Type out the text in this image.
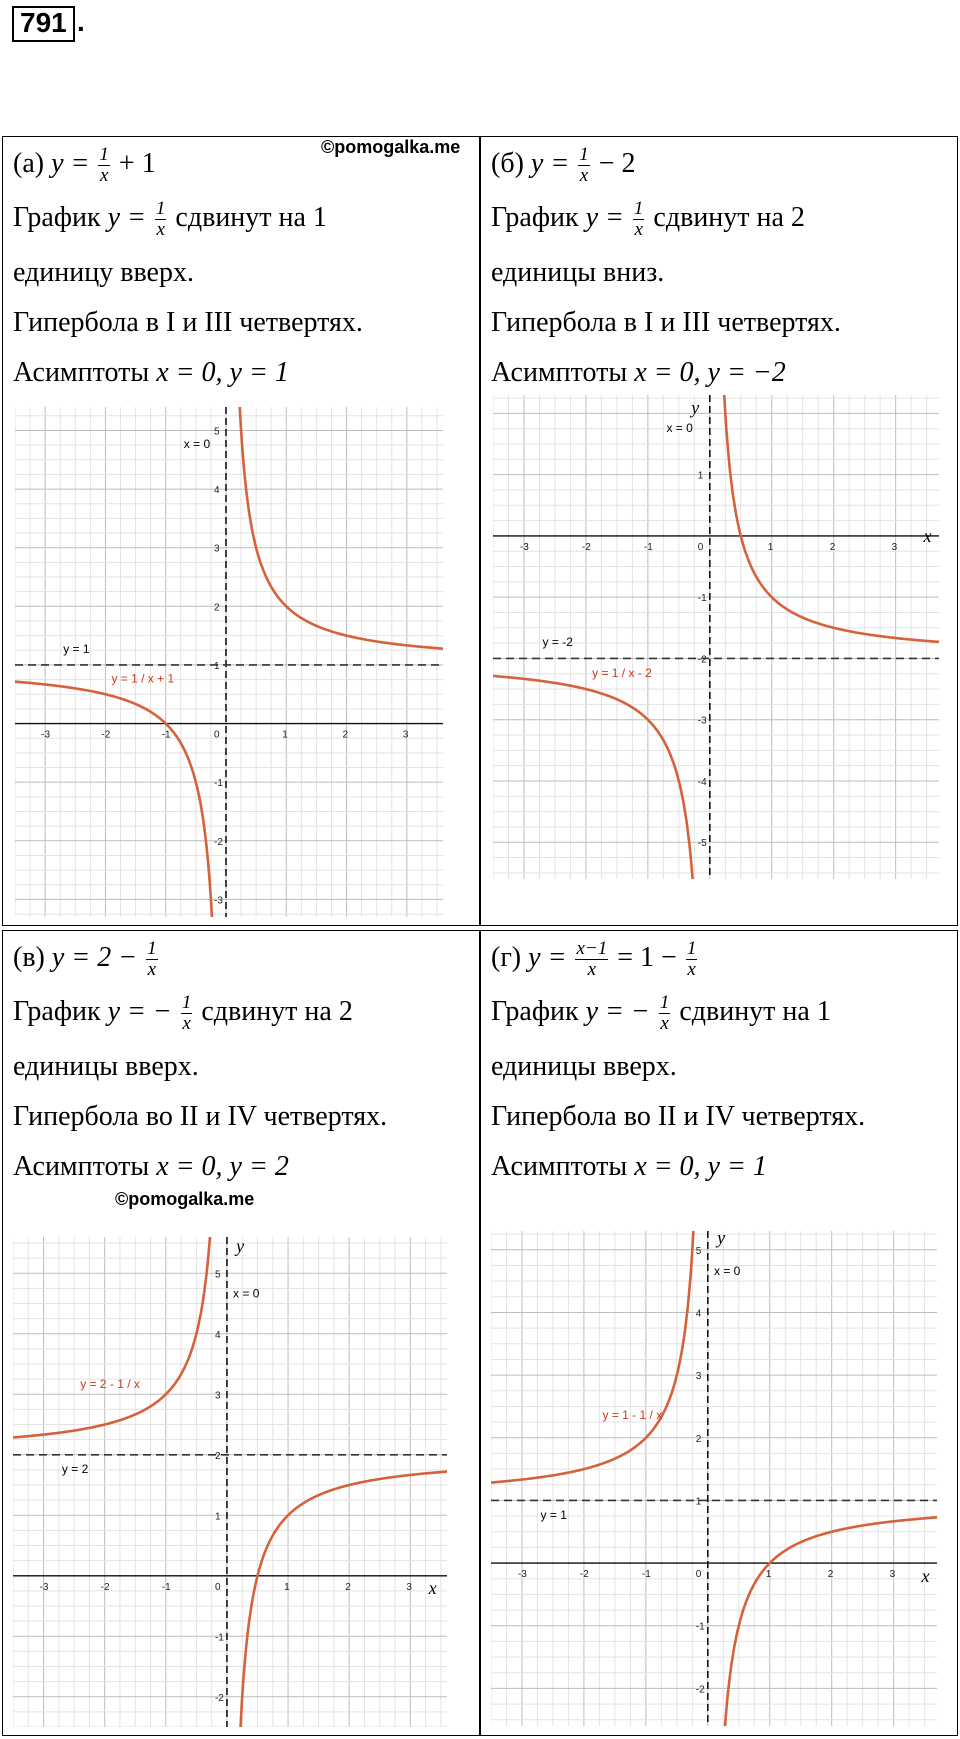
791 .
(а) $y = \frac{1}{x} + 1$
График $y = \frac{1}{x}$ сдвинут на 1
единицу вверх.
Гипербола в I и III четвертях.
Асимптоты x = 0, y = 1
©pomogalka.me
-3	-2	-1	0	1	2	3
-3
-2
-1
1
2
3
4
5
x = 0
y = 1
y = 1 / x + 1
(б) $y = \frac{1}{x} - 2$
График $y = \frac{1}{x}$ сдвинут на 2
единицы вниз.
Гипербола в I и III четвертях.
Асимптоты x = 0, y = −2
-3	-2	-1	0	1	2	3
-5
-4
-3
-2
-1
1
x = 0
y = -2
y = 1 / x - 2
y
x
(в) $y = 2 - \frac{1}{x}$
График y = − $\frac{1}{x}$ сдвинут на 2
единицы вверх.
Гипербола во II и IV четвертях.
Асимптоты x = 0, y = 2
©pomogalka.me
-3	-2	-1	0	1	2	3
-2
-1
1
2
3
4
5
x = 0
y = 2
y = 2 - 1 / x
y
x
(г) $y = \frac{x-1}{x} = 1 - \frac{1}{x}$
График y = − $\frac{1}{x}$ сдвинут на 1
единицы вверх.
Гипербола во II и IV четвертях.
Асимптоты x = 0, y = 1
-3	-2	-1	0	1	2	3
-2
-1
1
2
3
4
5
x = 0
y = 1
y = 1 - 1 / x
y
x
